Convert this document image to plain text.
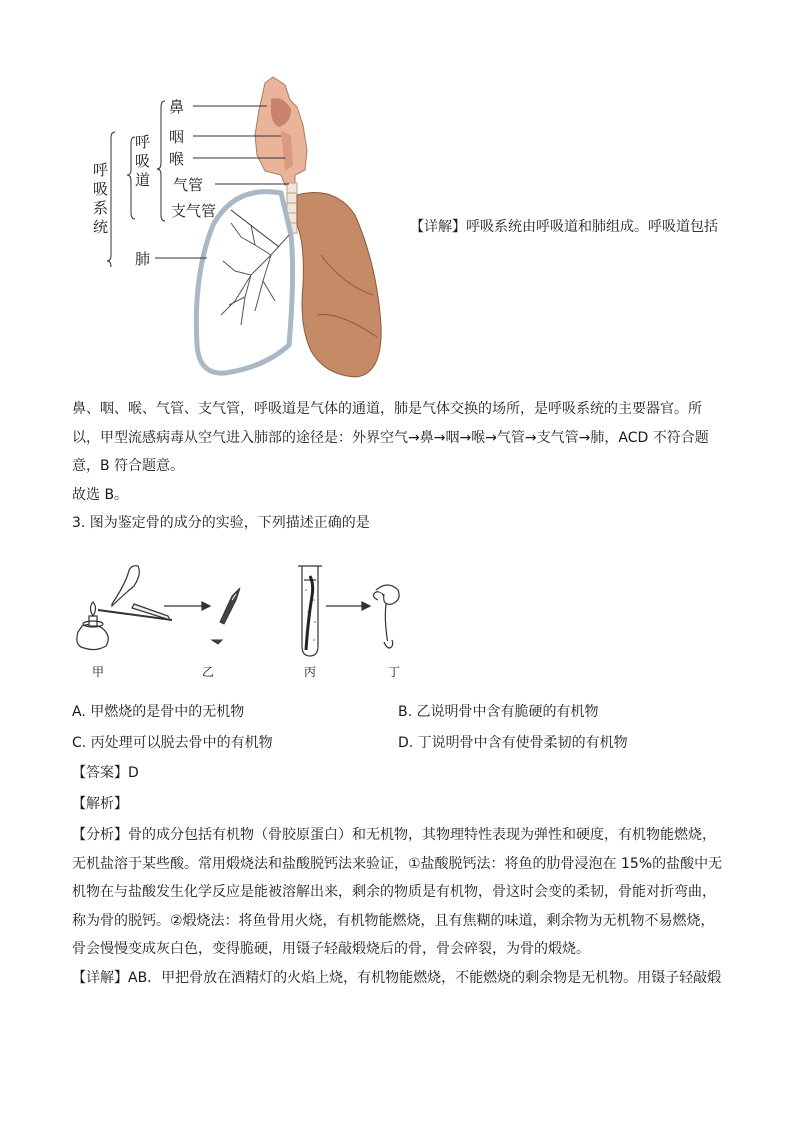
呼吸系统
呼吸道
鼻
咽
喉
气管
支气管
肺
【详解】呼吸系统由呼吸道和肺组成。呼吸道包括

鼻、咽、喉、气管、支气管，呼吸道是气体的通道，肺是气体交换的场所，是呼吸系统的主要器官。所

以，甲型流感病毒从空气进入肺部的途径是：外界空气→鼻→咽→喉→气管→支气管→肺，ACD 不符合题

意，B 符合题意。

故选 B。

3. 图为鉴定骨的成分的实验，下列描述正确的是

甲	乙	丙	丁
A. 甲燃烧的是骨中的无机物	B. 乙说明骨中含有脆硬的有机物
C. 丙处理可以脱去骨中的有机物	D. 丁说明骨中含有使骨柔韧的有机物
【答案】D
【解析】

【分析】骨的成分包括有机物（骨胶原蛋白）和无机物，其物理特性表现为弹性和硬度，有机物能燃烧，

无机盐溶于某些酸。常用煅烧法和盐酸脱钙法来验证，①盐酸脱钙法：将鱼的肋骨浸泡在 15%的盐酸中无

机物在与盐酸发生化学反应是能被溶解出来，剩余的物质是有机物，骨这时会变的柔韧，骨能对折弯曲，

称为骨的脱钙。②煅烧法：将鱼骨用火烧，有机物能燃烧，且有焦糊的味道，剩余物为无机物不易燃烧，

骨会慢慢变成灰白色，变得脆硬，用镊子轻敲煅烧后的骨，骨会碎裂，为骨的煅烧。

【详解】AB．甲把骨放在酒精灯的火焰上烧，有机物能燃烧，不能燃烧的剩余物是无机物。用镊子轻敲煅
